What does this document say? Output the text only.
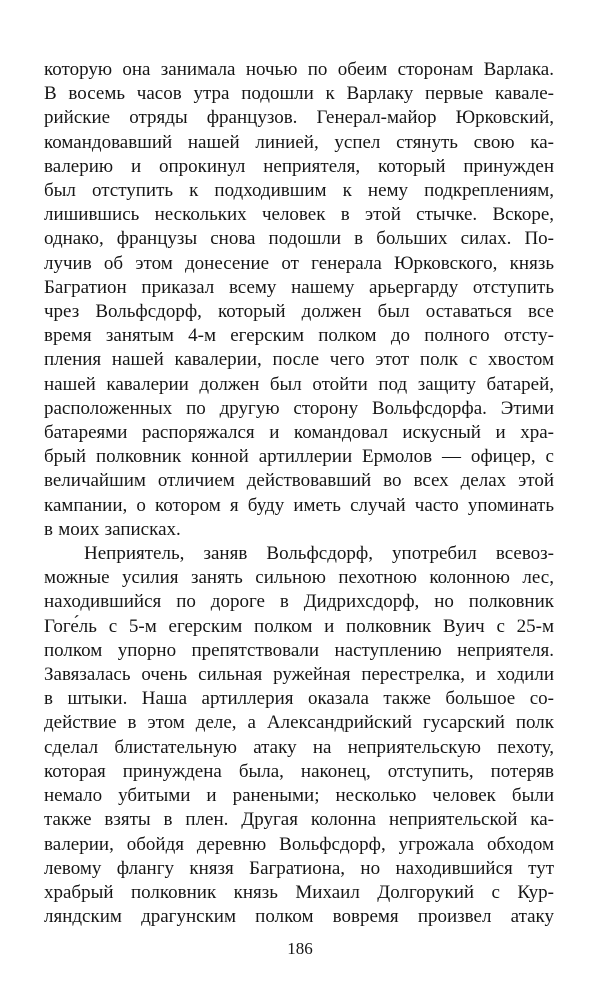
которую она занимала ночью по обеим сторонам Варлака.
В восемь часов утра подошли к Варлаку первые кавале-
рийские отряды французов. Генерал-майор Юрковский,
командовавший нашей линией, успел стянуть свою ка-
валерию и опрокинул неприятеля, который принужден
был отступить к подходившим к нему подкреплениям,
лишившись нескольких человек в этой стычке. Вскоре,
однако, французы снова подошли в больших силах. По-
лучив об этом донесение от генерала Юрковского, князь
Багратион приказал всему нашему арьергарду отступить
чрез Вольфсдорф, который должен был оставаться все
время занятым 4-м егерским полком до полного отсту-
пления нашей кавалерии, после чего этот полк с хвостом
нашей кавалерии должен был отойти под защиту батарей,
расположенных по другую сторону Вольфсдорфа. Этими
батареями распоряжался и командовал искусный и хра-
брый полковник конной артиллерии Ермолов — офицер, с
величайшим отличием действовавший во всех делах этой
кампании, о котором я буду иметь случай часто упоминать
в моих записках.
Неприятель, заняв Вольфсдорф, употребил всевоз-
можные усилия занять сильною пехотною колонною лес,
находившийся по дороге в Дидрихсдорф, но полковник
Гоге́ль с 5-м егерским полком и полковник Вуич с 25-м
полком упорно препятствовали наступлению неприятеля.
Завязалась очень сильная ружейная перестрелка, и ходили
в штыки. Наша артиллерия оказала также большое со-
действие в этом деле, а Александрийский гусарский полк
сделал блистательную атаку на неприятельскую пехоту,
которая принуждена была, наконец, отступить, потеряв
немало убитыми и ранеными; несколько человек были
также взяты в плен. Другая колонна неприятельской ка-
валерии, обойдя деревню Вольфсдорф, угрожала обходом
левому флангу князя Багратиона, но находившийся тут
храбрый полковник князь Михаил Долгорукий с Кур-
ляндским драгунским полком вовремя произвел атаку
186
